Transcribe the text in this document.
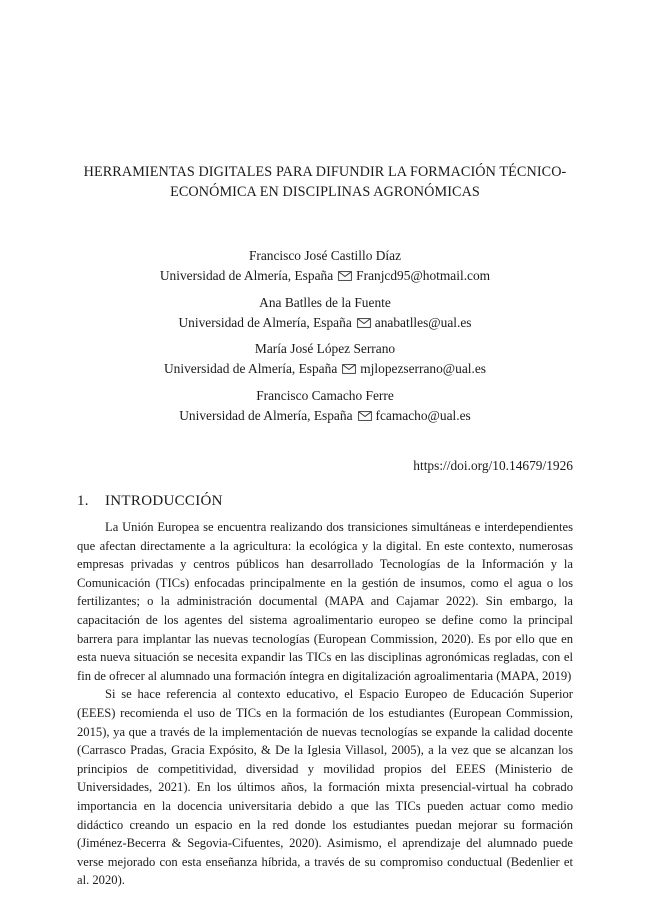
HERRAMIENTAS DIGITALES PARA DIFUNDIR LA FORMACIÓN TÉCNICO-
ECONÓMICA EN DISCIPLINAS AGRONÓMICAS
Francisco José Castillo Díaz
Universidad de Almería, España Franjcd95@hotmail.com
Ana Batlles de la Fuente
Universidad de Almería, España anabatlles@ual.es
María José López Serrano
Universidad de Almería, España mjlopezserrano@ual.es
Francisco Camacho Ferre
Universidad de Almería, España fcamacho@ual.es
https://doi.org/10.14679/1926
1. INTRODUCCIÓN

La Unión Europea se encuentra realizando dos transiciones simultáneas e interdependientes que afectan directamente a la agricultura: la ecológica y la digital. En este contexto, numerosas empresas privadas y centros públicos han desarrollado Tecnologías de la Información y la Comunicación (TICs) enfocadas principalmente en la gestión de insumos, como el agua o los fertilizantes; o la administración documental (MAPA and Cajamar 2022). Sin embargo, la capacitación de los agentes del sistema agroalimentario europeo se define como la principal barrera para implantar las nuevas tecnologías (European Commission, 2020). Es por ello que en esta nueva situación se necesita expandir las TICs en las disciplinas agronómicas regladas, con el fin de ofrecer al alumnado una formación íntegra en digitalización agroalimentaria (MAPA, 2019)

Si se hace referencia al contexto educativo, el Espacio Europeo de Educación Superior (EEES) recomienda el uso de TICs en la formación de los estudiantes (European Commission, 2015), ya que a través de la implementación de nuevas tecnologías se expande la calidad docente (Carrasco Pradas, Gracia Expósito, & De la Iglesia Villasol, 2005), a la vez que se alcanzan los principios de competitividad, diversidad y movilidad propios del EEES (Ministerio de Universidades, 2021). En los últimos años, la formación mixta presencial-virtual ha cobrado importancia en la docencia universitaria debido a que las TICs pueden actuar como medio didáctico creando un espacio en la red donde los estudiantes puedan mejorar su formación (Jiménez-Becerra & Segovia-Cifuentes, 2020). Asimismo, el aprendizaje del alumnado puede verse mejorado con esta enseñanza híbrida, a través de su compromiso conductual (Bedenlier et al. 2020).
